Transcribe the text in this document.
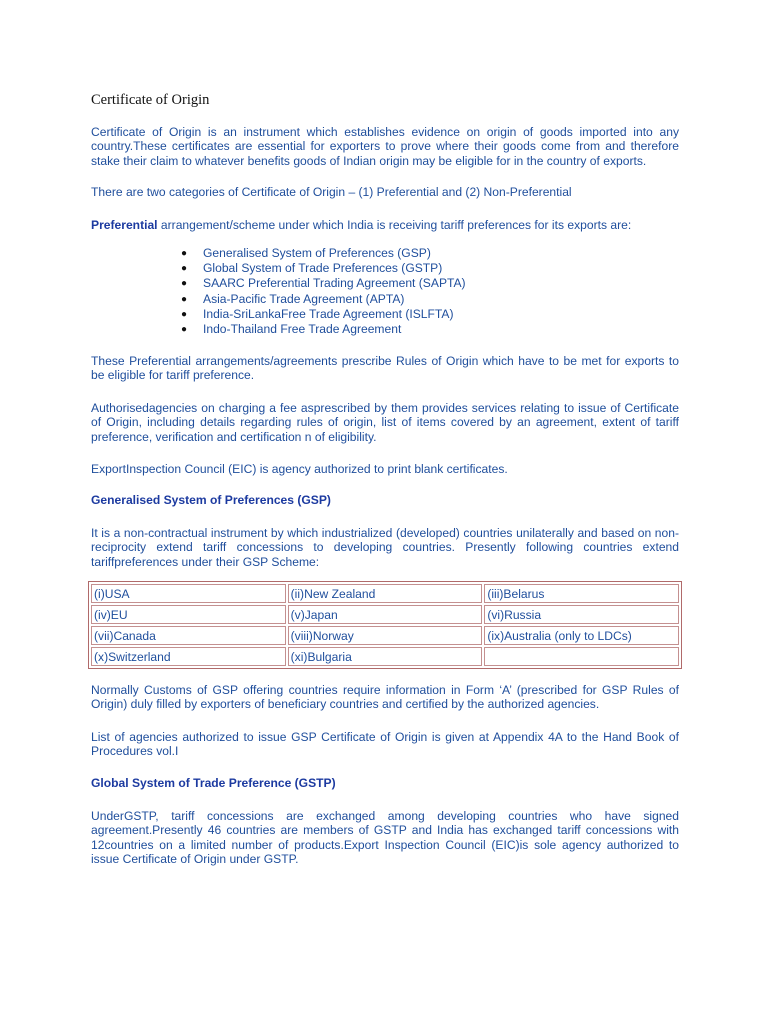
Certificate of Origin

Certificate of Origin is an instrument which establishes evidence on origin of goods imported into any country.These certificates are essential for exporters to prove where their goods come from and therefore stake their claim to whatever benefits goods of Indian origin may be eligible for in the country of exports.

There are two categories of Certificate of Origin – (1) Preferential and (2) Non-Preferential

Preferential arrangement/scheme under which India is receiving tariff preferences for its exports are:

● Generalised System of Preferences (GSP)
● Global System of Trade Preferences (GSTP)
● SAARC Preferential Trading Agreement (SAPTA)
● Asia-Pacific Trade Agreement (APTA)
● India-SriLankaFree Trade Agreement (ISLFTA)
● Indo-Thailand Free Trade Agreement

These Preferential arrangements/agreements prescribe Rules of Origin which have to be met for exports to be eligible for tariff preference.

Authorisedagencies on charging a fee asprescribed by them provides services relating to issue of Certificate of Origin, including details regarding rules of origin, list of items covered by an agreement, extent of tariff preference, verification and certification n of eligibility.

ExportInspection Council (EIC) is agency authorized to print blank certificates.

Generalised System of Preferences (GSP)

It is a non-contractual instrument by which industrialized (developed) countries unilaterally and based on non-reciprocity extend tariff concessions to developing countries. Presently following countries extend tariffpreferences under their GSP Scheme:

(i)USA	(ii)New Zealand	(iii)Belarus
(iv)EU	(v)Japan	(vi)Russia
(vii)Canada	(viii)Norway	(ix)Australia (only to LDCs)
(x)Switzerland	(xi)Bulgaria	

Normally Customs of GSP offering countries require information in Form ‘A’ (prescribed for GSP Rules of Origin) duly filled by exporters of beneficiary countries and certified by the authorized agencies.

List of agencies authorized to issue GSP Certificate of Origin is given at Appendix 4A to the Hand Book of Procedures vol.I

Global System of Trade Preference (GSTP)

UnderGSTP, tariff concessions are exchanged among developing countries who have signed agreement.Presently 46 countries are members of GSTP and India has exchanged tariff concessions with 12countries on a limited number of products.Export Inspection Council (EIC)is sole agency authorized to issue Certificate of Origin under GSTP.
